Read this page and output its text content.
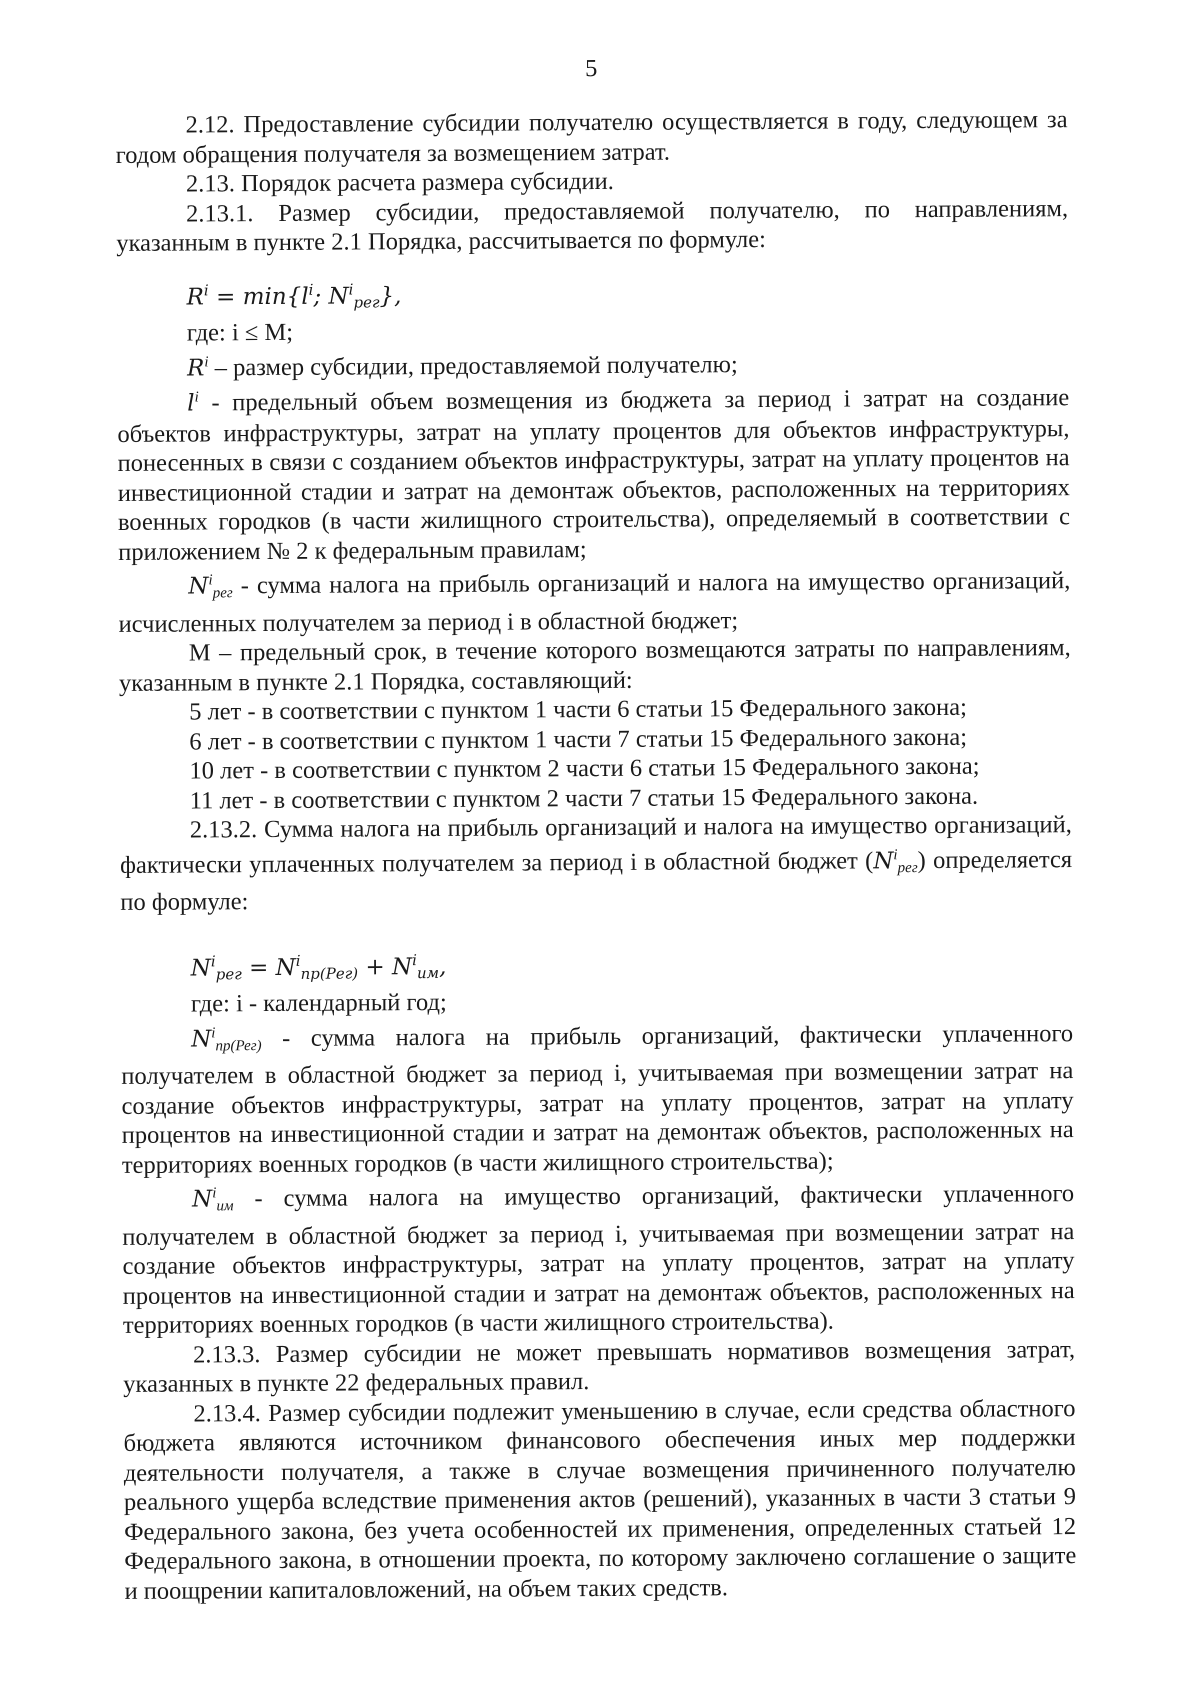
5

2.12. Предоставление субсидии получателю осуществляется в году, следующем за годом обращения получателя за возмещением затрат.

2.13. Порядок расчета размера субсидии.

2.13.1. Размер субсидии, предоставляемой получателю, по направлениям, указанным в пункте 2.1 Порядка, рассчитывается по формуле:

$R^i = \min\{l^i$; $N^i_{рег}$},

где: i ≤ M;

$R^i$ – размер субсидии, предоставляемой получателю;

$l^i$ - предельный объем возмещения из бюджета за период i затрат на создание объектов инфраструктуры, затрат на уплату процентов для объектов инфраструктуры, понесенных в связи с созданием объектов инфраструктуры, затрат на уплату процентов на инвестиционной стадии и затрат на демонтаж объектов, расположенных на территориях военных городков (в части жилищного строительства), определяемый в соответствии с приложением № 2 к федеральным правилам;

$N^i_{рег}$ - сумма налога на прибыль организаций и налога на имущество организаций, исчисленных получателем за период i в областной бюджет;

М – предельный срок, в течение которого возмещаются затраты по направлениям, указанным в пункте 2.1 Порядка, составляющий:

5 лет - в соответствии с пунктом 1 части 6 статьи 15 Федерального закона;

6 лет - в соответствии с пунктом 1 части 7 статьи 15 Федерального закона;

10 лет - в соответствии с пунктом 2 части 6 статьи 15 Федерального закона;

11 лет - в соответствии с пунктом 2 части 7 статьи 15 Федерального закона.

2.13.2. Сумма налога на прибыль организаций и налога на имущество организаций, фактически уплаченных получателем за период i в областной бюджет $(N^i_{рег})$ определяется по формуле:

$N^i_{рег} = N^i_{пр(Рег)} + N^i_{им}$,

где: i - календарный год;

$N^i_{пр(Рег)}$ - сумма налога на прибыль организаций, фактически уплаченного получателем в областной бюджет за период i, учитываемая при возмещении затрат на создание объектов инфраструктуры, затрат на уплату процентов, затрат на уплату процентов на инвестиционной стадии и затрат на демонтаж объектов, расположенных на территориях военных городков (в части жилищного строительства);

$N^i_{им}$ - сумма налога на имущество организаций, фактически уплаченного получателем в областной бюджет за период i, учитываемая при возмещении затрат на создание объектов инфраструктуры, затрат на уплату процентов, затрат на уплату процентов на инвестиционной стадии и затрат на демонтаж объектов, расположенных на территориях военных городков (в части жилищного строительства).

2.13.3. Размер субсидии не может превышать нормативов возмещения затрат, указанных в пункте 22 федеральных правил.

2.13.4. Размер субсидии подлежит уменьшению в случае, если средства областного бюджета являются источником финансового обеспечения иных мер поддержки деятельности получателя, а также в случае возмещения причиненного получателю реального ущерба вследствие применения актов (решений), указанных в части 3 статьи 9 Федерального закона, без учета особенностей их применения, определенных статьей 12 Федерального закона, в отношении проекта, по которому заключено соглашение о защите и поощрении капиталовложений, на объем таких средств.
